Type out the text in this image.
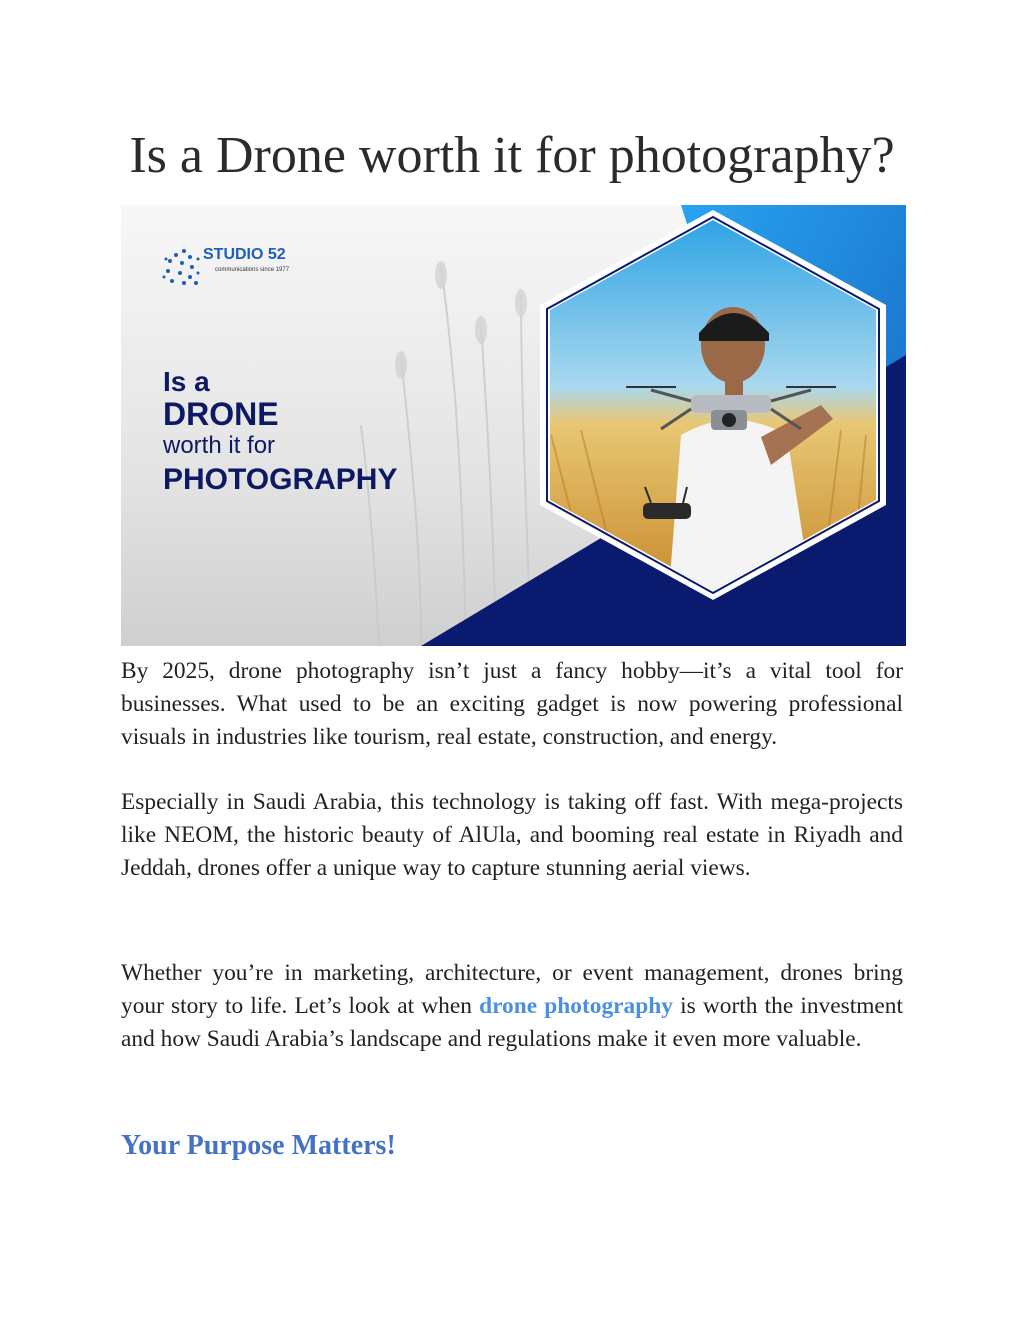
Is a Drone worth it for photography?
STUDIO 52
communications since 1977
Is a
DRONE
worth it for
PHOTOGRAPHY

By 2025, drone photography isn’t just a fancy hobby—it’s a vital tool for businesses. What used to be an exciting gadget is now powering professional visuals in industries like tourism, real estate, construction, and energy.

Especially in Saudi Arabia, this technology is taking off fast. With mega-projects like NEOM, the historic beauty of AlUla, and booming real estate in Riyadh and Jeddah, drones offer a unique way to capture stunning aerial views.

Whether you’re in marketing, architecture, or event management, drones bring your story to life. Let’s look at when drone photography is worth the investment and how Saudi Arabia’s landscape and regulations make it even more valuable.

Your Purpose Matters!
